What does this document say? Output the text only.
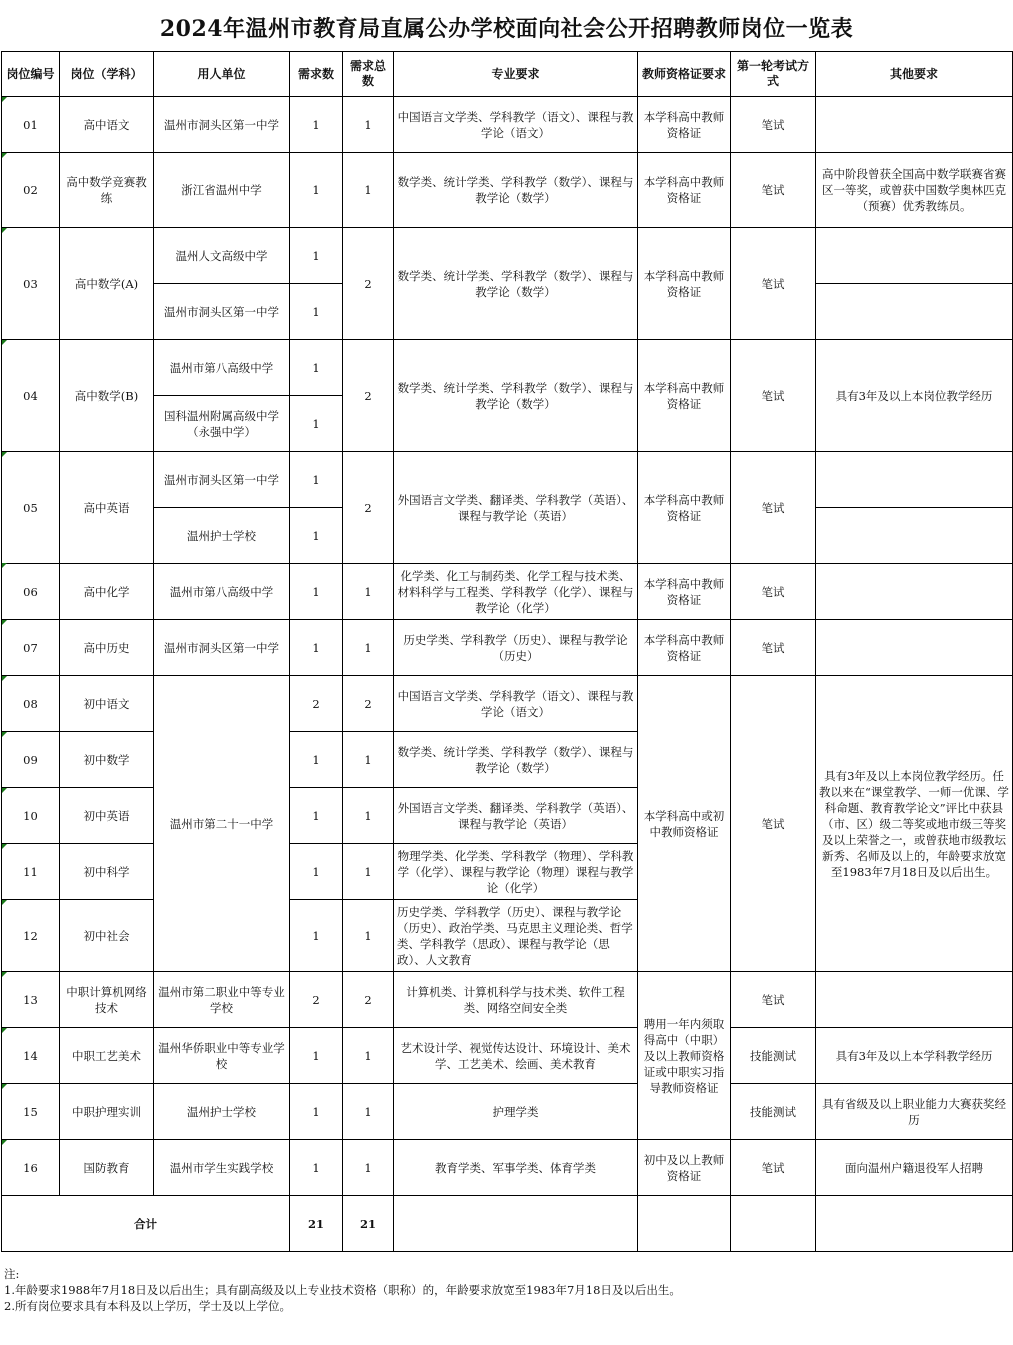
2024年温州市教育局直属公办学校面向社会公开招聘教师岗位一览表
岗位编号	岗位（学科）	用人单位	需求数	需求总数	专业要求	教师资格证要求	第一轮考试方式	其他要求
01	高中语文	温州市洞头区第一中学	1	1	中国语言文学类、学科教学（语文）、课程与教学论（语文）	本学科高中教师资格证	笔试	
02	高中数学竞赛教练	浙江省温州中学	1	1	数学类、统计学类、学科教学（数学）、课程与教学论（数学）	本学科高中教师资格证	笔试	高中阶段曾获全国高中数学联赛省赛区一等奖，或曾获中国数学奥林匹克（预赛）优秀教练员。
03	高中数学(A)	温州人文高级中学	1	2	数学类、统计学类、学科教学（数学）、课程与教学论（数学）	本学科高中教师资格证	笔试	
		温州市洞头区第一中学	1					
04	高中数学(B)	温州市第八高级中学	1	2	数学类、统计学类、学科教学（数学）、课程与教学论（数学）	本学科高中教师资格证	笔试	具有3年及以上本岗位教学经历
		国科温州附属高级中学（永强中学）	1					
05	高中英语	温州市洞头区第一中学	1	2	外国语言文学类、翻译类、学科教学（英语）、课程与教学论（英语）	本学科高中教师资格证	笔试	
		温州护士学校	1					
06	高中化学	温州市第八高级中学	1	1	化学类、化工与制药类、化学工程与技术类、材料科学与工程类、学科教学（化学）、课程与教学论（化学）	本学科高中教师资格证	笔试	
07	高中历史	温州市洞头区第一中学	1	1	历史学类、学科教学（历史）、课程与教学论（历史）	本学科高中教师资格证	笔试	
08	初中语文	温州市第二十一中学	2	2	中国语言文学类、学科教学（语文）、课程与教学论（语文）	本学科高中或初中教师资格证	笔试	具有3年及以上本岗位教学经历。任教以来在“课堂教学、一师一优课、学科命题、教育教学论文”评比中获县（市、区）级二等奖或地市级三等奖及以上荣誉之一，或曾获地市级教坛新秀、名师及以上的，年龄要求放宽至1983年7月18日及以后出生。
09	初中数学		1	1	数学类、统计学类、学科教学（数学）、课程与教学论（数学）			
10	初中英语		1	1	外国语言文学类、翻译类、学科教学（英语）、课程与教学论（英语）			
11	初中科学		1	1	物理学类、化学类、学科教学（物理）、学科教学（化学）、课程与教学论（物理）课程与教学论（化学）			
12	初中社会		1	1	历史学类、学科教学（历史）、课程与教学论（历史）、政治学类、马克思主义理论类、哲学类、学科教学（思政）、课程与教学论（思政）、人文教育			
13	中职计算机网络技术	温州市第二职业中等专业学校	2	2	计算机类、计算机科学与技术类、软件工程类、网络空间安全类	聘用一年内须取得高中（中职）及以上教师资格证或中职实习指导教师资格证	笔试	
14	中职工艺美术	温州华侨职业中等专业学校	1	1	艺术设计学、视觉传达设计、环境设计、美术学、工艺美术、绘画、美术教育		技能测试	具有3年及以上本学科教学经历
15	中职护理实训	温州护士学校	1	1	护理学类		技能测试	具有省级及以上职业能力大赛获奖经历
16	国防教育	温州市学生实践学校	1	1	教育学类、军事学类、体育学类	初中及以上教师资格证	笔试	面向温州户籍退役军人招聘
合计			21	21				
注:
1.年龄要求1988年7月18日及以后出生；具有副高级及以上专业技术资格（职称）的，年龄要求放宽至1983年7月18日及以后出生。
2.所有岗位要求具有本科及以上学历，学士及以上学位。
